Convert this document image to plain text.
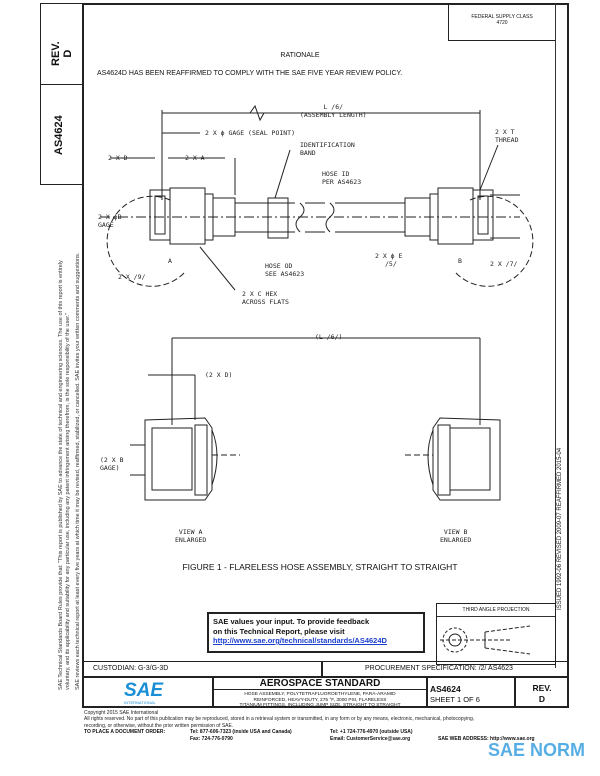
REV.
D
AS4624
SAE Technical Standards Board Rules provide that: "This report is published by SAE to advance the state of technical and engineering sciences. The use of this report is entirely voluntary, and its applicability and suitability for any particular use, including any patent infringement arising therefrom, is the sole responsibility of the user." SAE reviews each technical report at least every five years at which time it may be revised, reaffirmed, stabilized, or cancelled. SAE invites your written comments and suggestions.
FEDERAL SUPPLY CLASS
4720
ISSUED 1992-06 REVISED 2009-07 REAFFIRMED 2015-04
RATIONALE
AS4624D HAS BEEN REAFFIRMED TO COMPLY WITH THE SAE FIVE YEAR REVIEW POLICY.
L /6/
(ASSEMBLY LENGTH)
2 X ϕ GAGE (SEAL POINT)
IDENTIFICATION
BAND
2 X D	2 X A
HOSE ID
PER AS4623
2 X T
THREAD
2 X ϕB
GAGE
HOSE OD
SEE AS4623
2 X ϕ E
/5/
A	B
2 X /9/
2 X /7/
2 X C HEX
ACROSS FLATS
(L /6/)
(2 X D)
(2 X B
GAGE)
VIEW A
ENLARGED
VIEW B
ENLARGED
FIGURE 1 - FLARELESS HOSE ASSEMBLY, STRAIGHT TO STRAIGHT
SAE values your input. To provide feedback
on this Technical Report, please visit
http://www.sae.org/technical/standards/AS4624D
THIRD ANGLE PROJECTION
CUSTODIAN: G-3/G-3D	PROCUREMENT SPECIFICATION: /2/ AS4623
SAE
INTERNATIONAL
AEROSPACE STANDARD
HOSE ASSEMBLY, POLYTETRAFLUOROETHYLENE, PARA-ARAMID
REINFORCED, HEAVY-DUTY, 275 °F, 3000 PSI, FLARELESS
TITANIUM FITTINGS, INCLUDING JUMP SIZE, STRAIGHT TO STRAIGHT
AS4624
SHEET 1 OF 6
REV.
D
Copyright 2015 SAE International
All rights reserved. No part of this publication may be reproduced, stored in a retrieval system or transmitted, in any form or by any means, electronic, mechanical, photocopying,
recording, or otherwise, without the prior written permission of SAE.
TO PLACE A DOCUMENT ORDER:	Tel: 877-606-7323 (inside USA and Canada)
Fax: 724-776-0790
Tel: +1 724-776-4970 (outside USA)
Email: CustomerService@sae.org	SAE WEB ADDRESS: http://www.sae.org
SAE NORM
